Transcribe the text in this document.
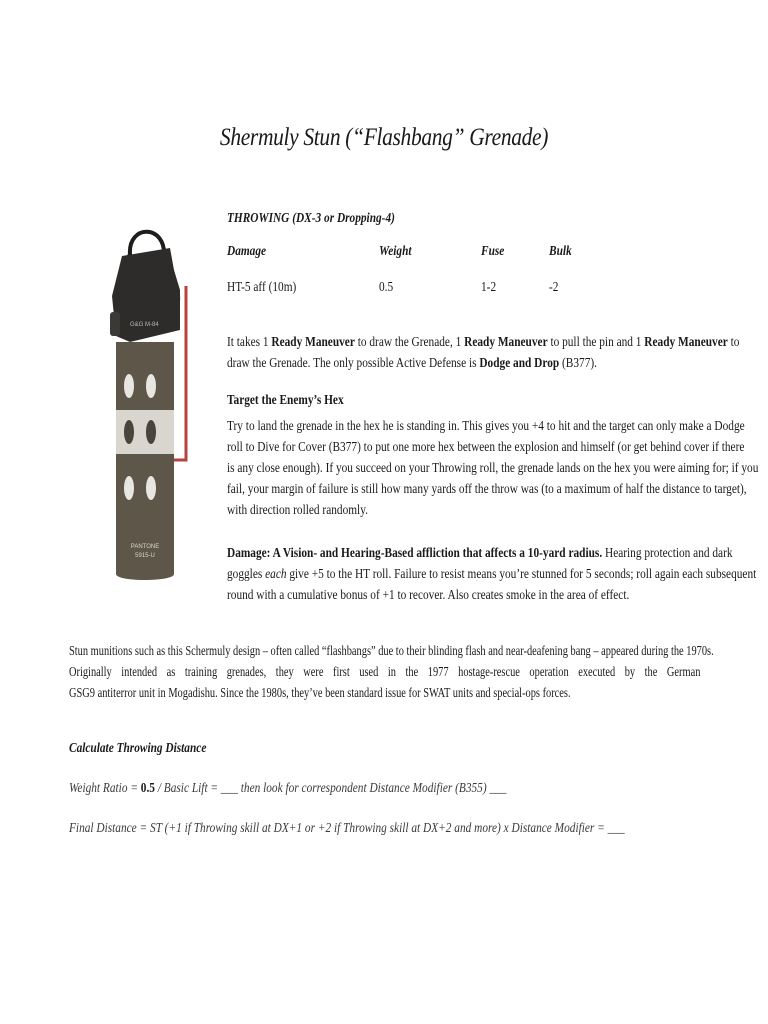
Shermuly Stun (“Flashbang” Grenade)
G&G M-84
PANTONE
5915-U
THROWING (DX-3 or Dropping-4)
Damage	Weight	Fuse	Bulk
HT-5 aff (10m)	0.5	1-2	-2
It takes 1 Ready Maneuver to draw the Grenade, 1 Ready Maneuver to pull the pin and 1 Ready Maneuver to
draw the Grenade. The only possible Active Defense is Dodge and Drop (B377).
Target the Enemy’s Hex
Try to land the grenade in the hex he is standing in. This gives you +4 to hit and the target can only make a Dodge
roll to Dive for Cover (B377) to put one more hex between the explosion and himself (or get behind cover if there
is any close enough). If you succeed on your Throwing roll, the grenade lands on the hex you were aiming for; if you
fail, your margin of failure is still how many yards off the throw was (to a maximum of half the distance to target),
with direction rolled randomly.
Damage: A Vision- and Hearing-Based affliction that affects a 10-yard radius. Hearing protection and dark
goggles each give +5 to the HT roll. Failure to resist means you’re stunned for 5 seconds; roll again each subsequent
round with a cumulative bonus of +1 to recover. Also creates smoke in the area of effect.
Stun munitions such as this Schermuly design – often called “flashbangs” due to their blinding flash and near-deafening bang – appeared during the 1970s.
Originally intended as training grenades, they were first used in the 1977 hostage-rescue operation executed by the German
GSG9 antiterror unit in Mogadishu. Since the 1980s, they’ve been standard issue for SWAT units and special-ops forces.
Calculate Throwing Distance
Weight Ratio = 0.5 / Basic Lift = ___ then look for correspondent Distance Modifier (B355) ___
Final Distance = ST (+1 if Throwing skill at DX+1 or +2 if Throwing skill at DX+2 and more) x Distance Modifier = ___
